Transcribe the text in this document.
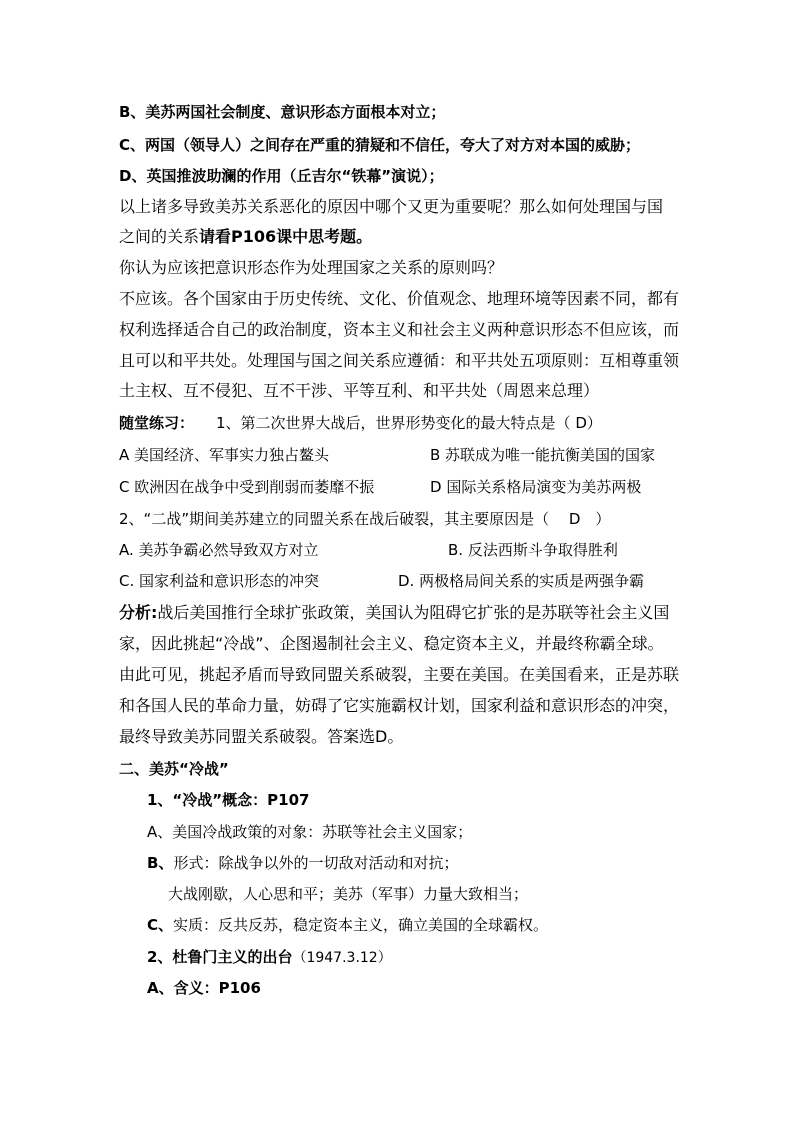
B、美苏两国社会制度、意识形态方面根本对立；
C、两国（领导人）之间存在严重的猜疑和不信任，夸大了对方对本国的威胁；
D、英国推波助澜的作用（丘吉尔“铁幕”演说）；
以上诸多导致美苏关系恶化的原因中哪个又更为重要呢？那么如何处理国与国
之间的关系请看P106课中思考题。
你认为应该把意识形态作为处理国家之关系的原则吗？
不应该。各个国家由于历史传统、文化、价值观念、地理环境等因素不同，都有
权利选择适合自己的政治制度，资本主义和社会主义两种意识形态不但应该，而
且可以和平共处。处理国与国之间关系应遵循：和平共处五项原则：互相尊重领
土主权、互不侵犯、互不干涉、平等互利、和平共处（周恩来总理）
随堂练习： 1、第二次世界大战后，世界形势变化的最大特点是（ D）
A 美国经济、军事实力独占鳌头	B 苏联成为唯一能抗衡美国的国家
C 欧洲因在战争中受到削弱而萎靡不振	D 国际关系格局演变为美苏两极
2、“二战”期间美苏建立的同盟关系在战后破裂，其主要原因是（　 D　）
A. 美苏争霸必然导致双方对立	B. 反法西斯斗争取得胜利
C. 国家利益和意识形态的冲突	D. 两极格局间关系的实质是两强争霸
分析:战后美国推行全球扩张政策，美国认为阻碍它扩张的是苏联等社会主义国
家，因此挑起“冷战”、企图遏制社会主义、稳定资本主义，并最终称霸全球。
由此可见，挑起矛盾而导致同盟关系破裂，主要在美国。在美国看来，正是苏联
和各国人民的革命力量，妨碍了它实施霸权计划，国家利益和意识形态的冲突，
最终导致美苏同盟关系破裂。答案选D。
二、美苏“冷战”
1、“冷战”概念：P107
A、美国冷战政策的对象：苏联等社会主义国家；
B、形式：除战争以外的一切敌对活动和对抗；
大战刚歇，人心思和平；美苏（军事）力量大致相当；
C、实质：反共反苏，稳定资本主义，确立美国的全球霸权。
2、杜鲁门主义的出台（1947.3.12）
A、含义：P106
